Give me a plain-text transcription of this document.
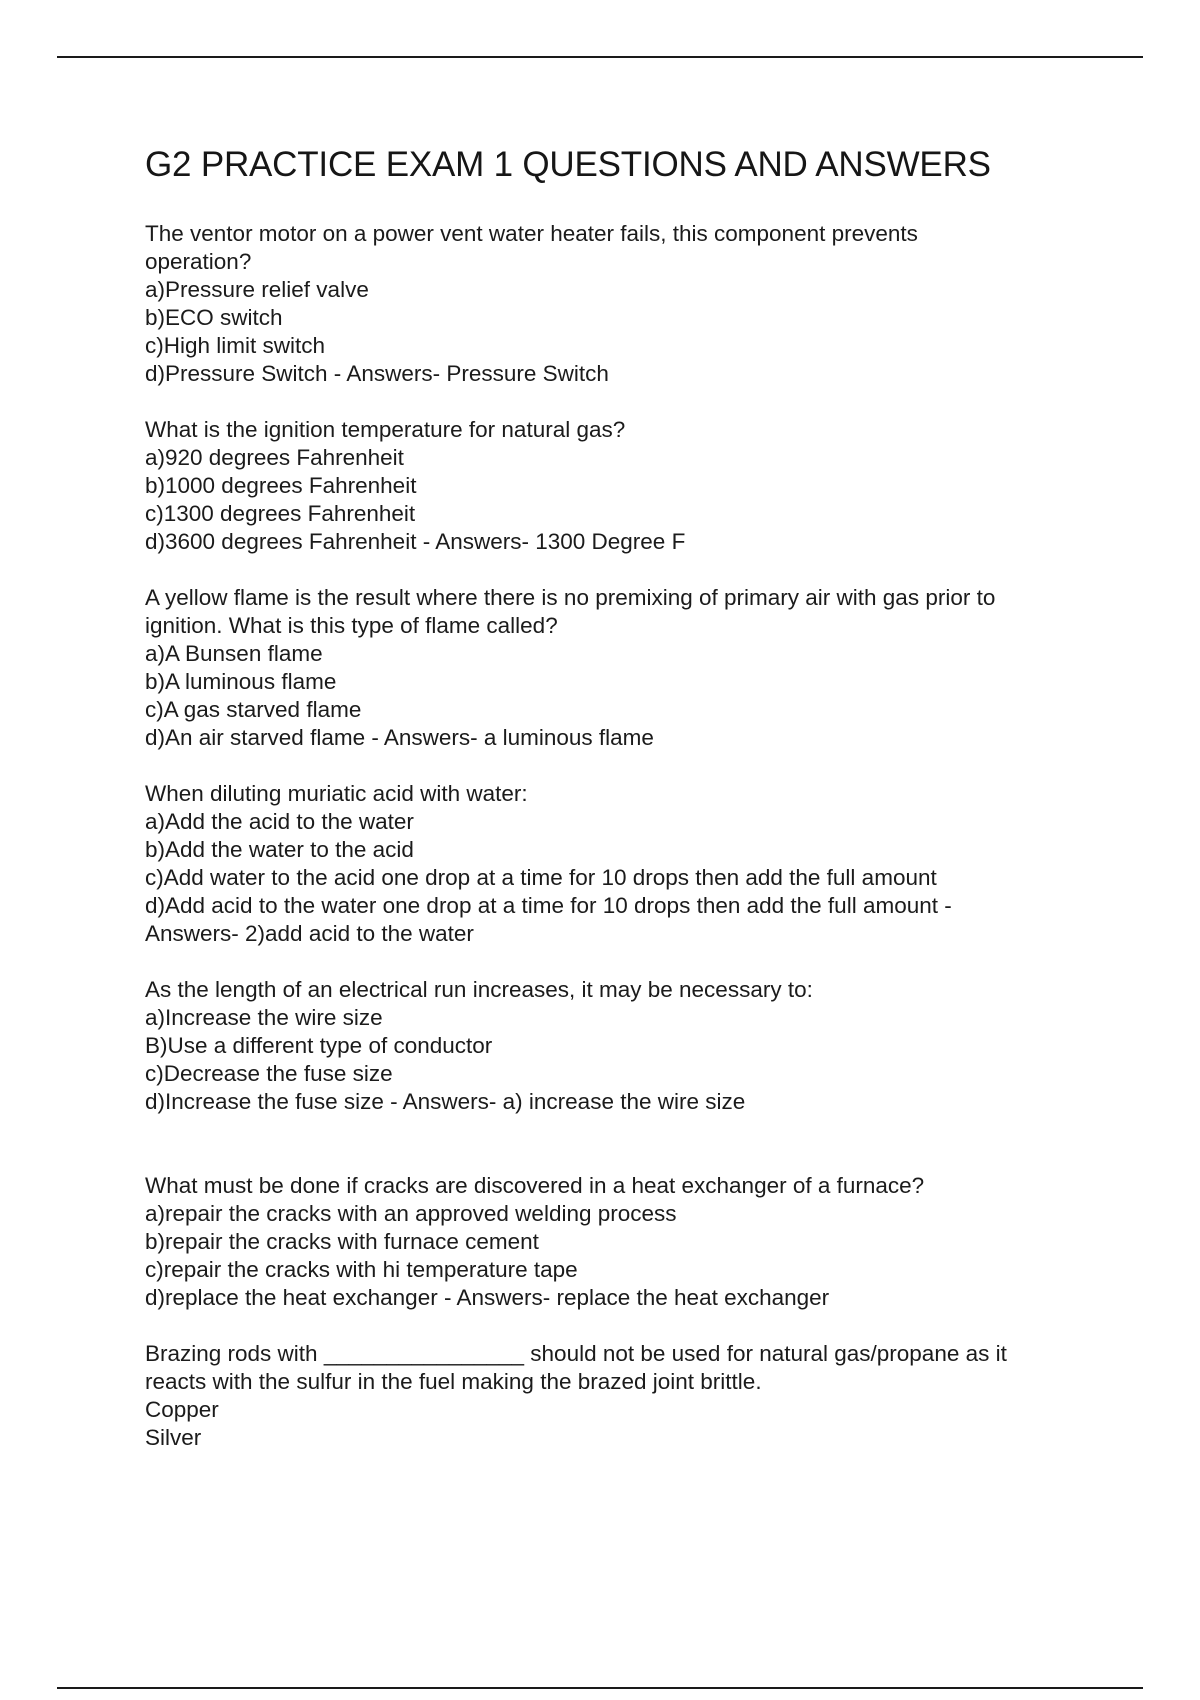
G2 PRACTICE EXAM 1 QUESTIONS AND ANSWERS
The ventor motor on a power vent water heater fails, this component prevents
operation?
a)Pressure relief valve
b)ECO switch
c)High limit switch
d)Pressure Switch - Answers- Pressure Switch
What is the ignition temperature for natural gas?
a)920 degrees Fahrenheit
b)1000 degrees Fahrenheit
c)1300 degrees Fahrenheit
d)3600 degrees Fahrenheit - Answers- 1300 Degree F
A yellow flame is the result where there is no premixing of primary air with gas prior to
ignition. What is this type of flame called?
a)A Bunsen flame
b)A luminous flame
c)A gas starved flame
d)An air starved flame - Answers- a luminous flame
When diluting muriatic acid with water:
a)Add the acid to the water
b)Add the water to the acid
c)Add water to the acid one drop at a time for 10 drops then add the full amount
d)Add acid to the water one drop at a time for 10 drops then add the full amount -
Answers- 2)add acid to the water
As the length of an electrical run increases, it may be necessary to:
a)Increase the wire size
B)Use a different type of conductor
c)Decrease the fuse size
d)Increase the fuse size - Answers- a) increase the wire size
What must be done if cracks are discovered in a heat exchanger of a furnace?
a)repair the cracks with an approved welding process
b)repair the cracks with furnace cement
c)repair the cracks with hi temperature tape
d)replace the heat exchanger - Answers- replace the heat exchanger
Brazing rods with ________________ should not be used for natural gas/propane as it
reacts with the sulfur in the fuel making the brazed joint brittle.
Copper
Silver
